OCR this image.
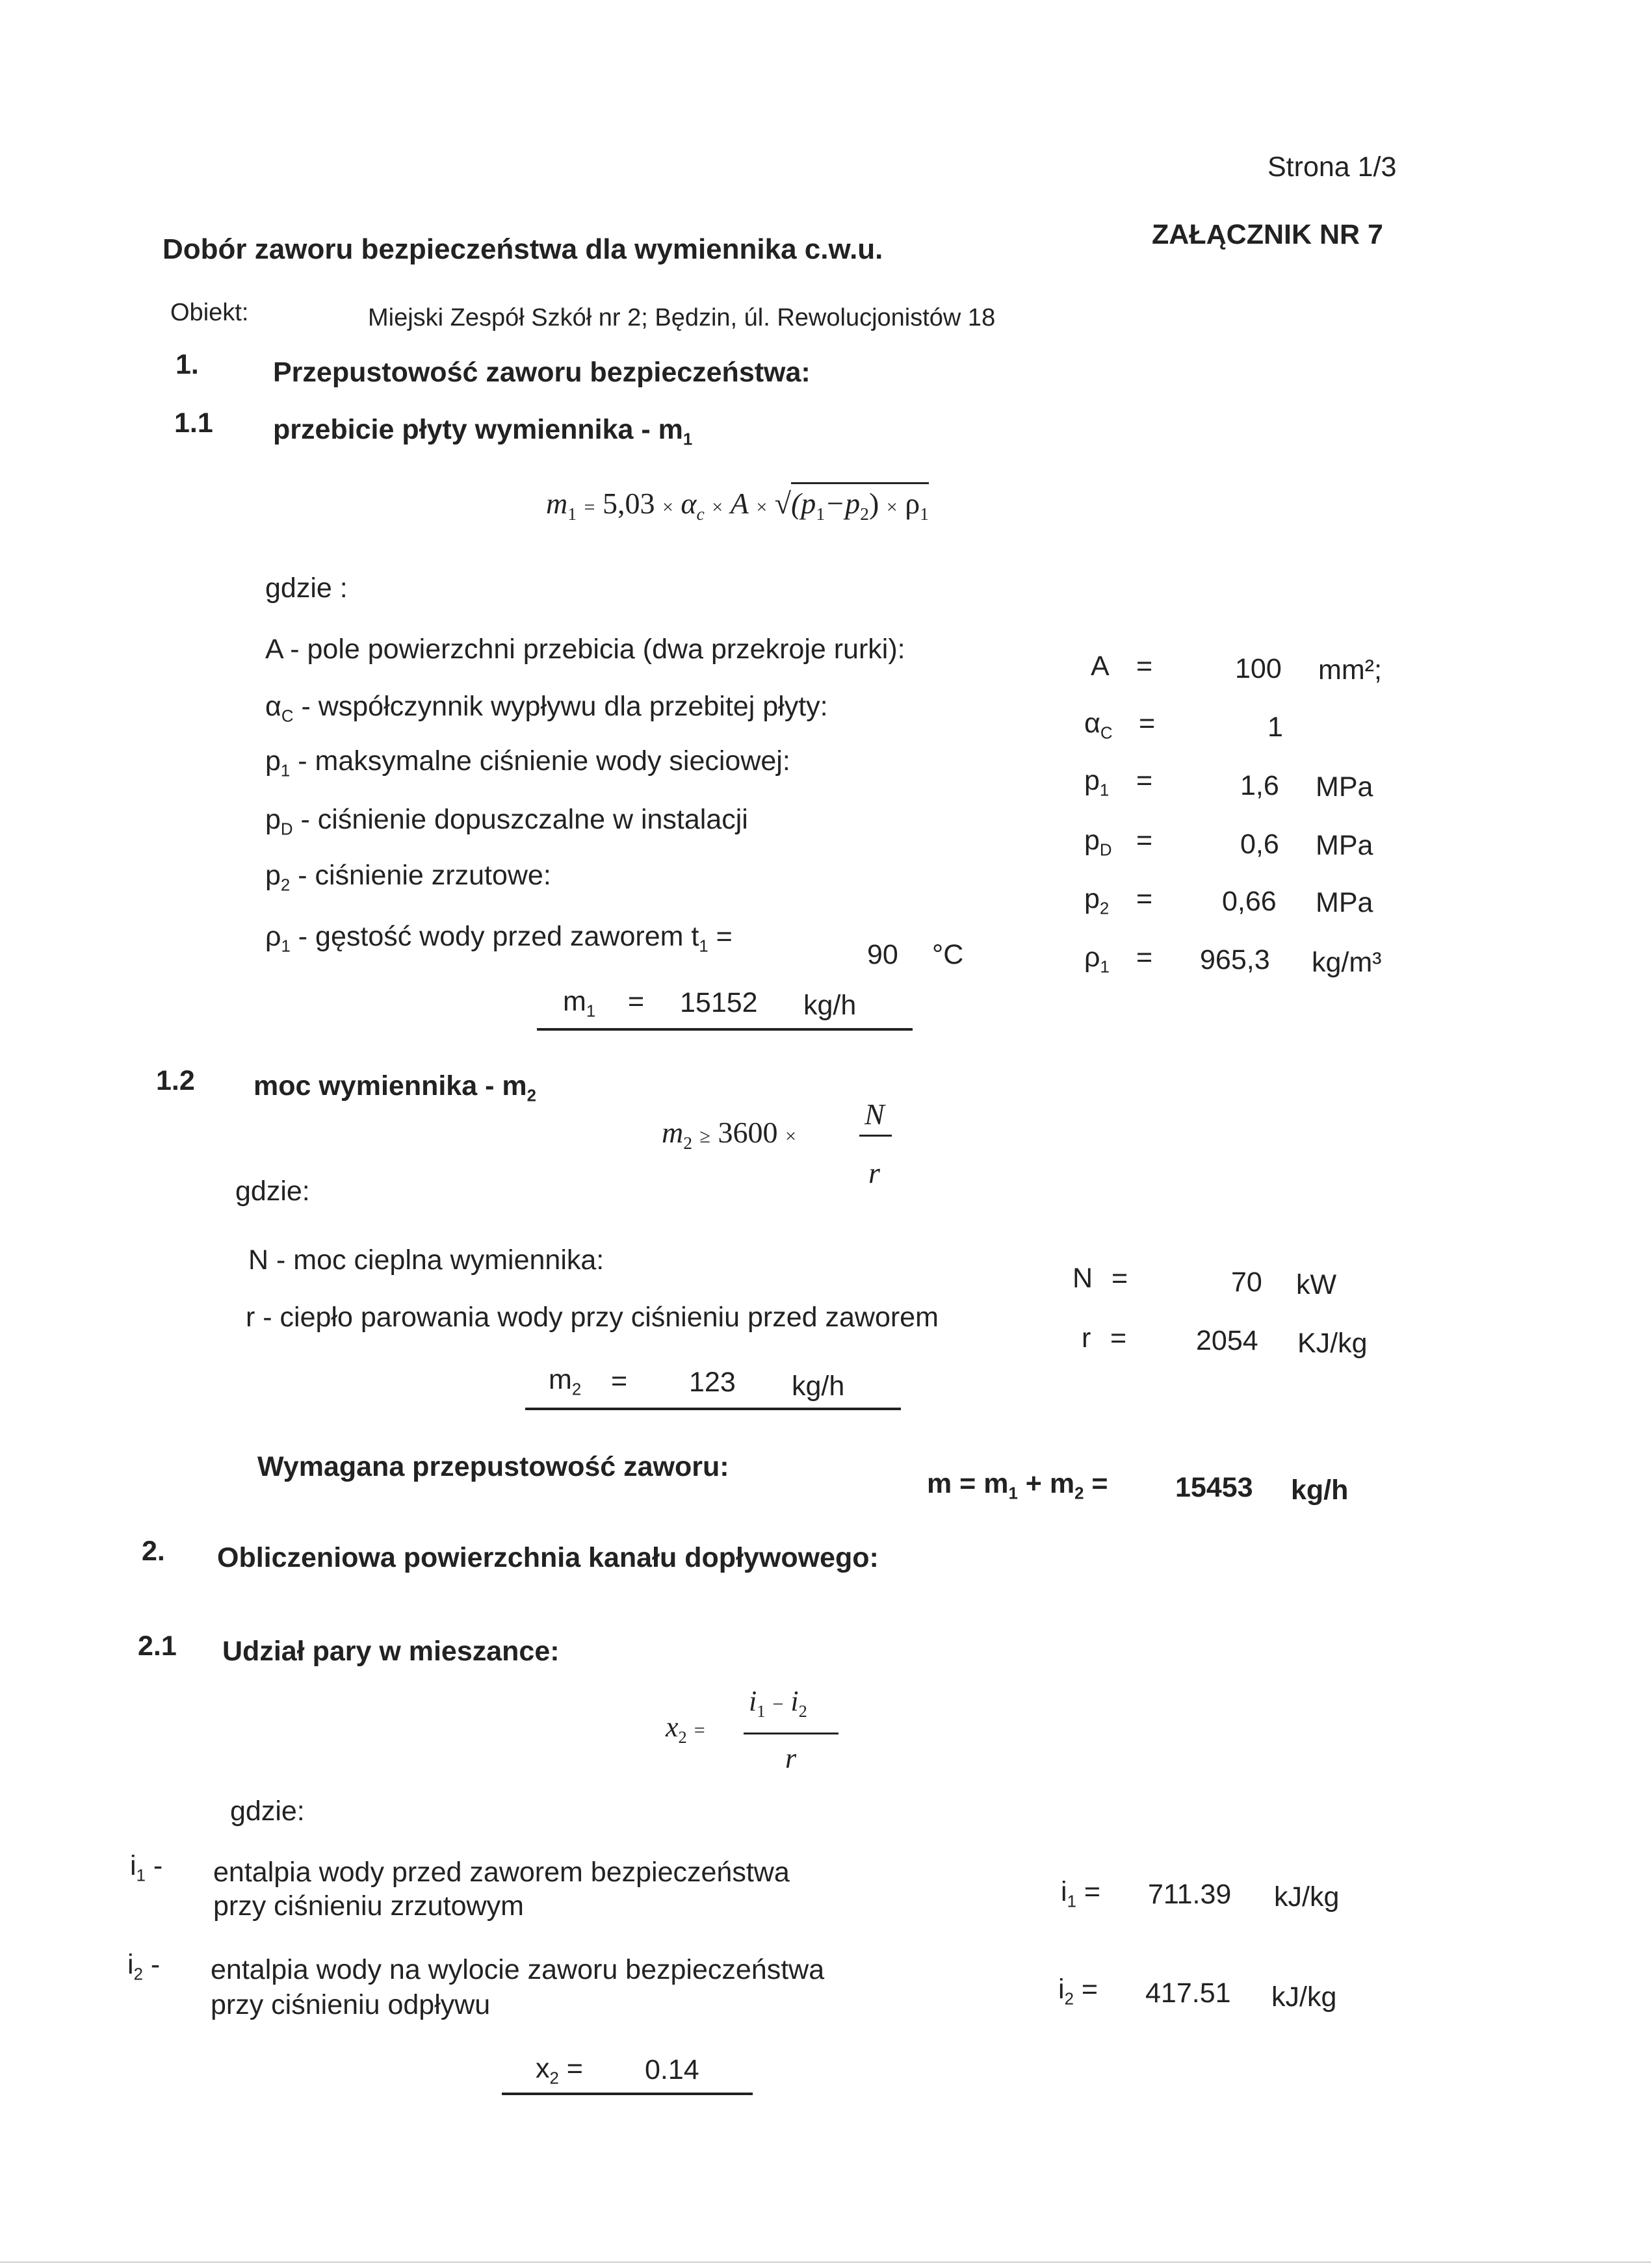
Strona 1/3
ZAŁĄCZNIK NR 7
Dobór zaworu bezpieczeństwa dla wymiennika c.w.u.
Obiekt:	Miejski Zespół Szkół nr 2; Będzin, úl. Rewolucjonistów 18
1.	Przepustowość zaworu bezpieczeństwa:
1.1 przebicie płyty wymiennika - $m_1$
$m_1 = 5,03 \times \alpha_c \times A \times √(p_1-p_2) \times \rho_1$
gdzie :
A - pole powierzchni przebicia (dwa przekroje rurki):
A =	100 mm²;
$\alpha_C$ - współczynnik wypływu dla przebitej płyty:
$\alpha_C$ =	1
$p_1$ - maksymalne ciśnienie wody sieciowej:
$p_1$ =	1,6 MPa
$p_D$ - ciśnienie dopuszczalne w instalacji
$p_D$ =	0,6 MPa
$p_2$ - ciśnienie zrzutowe:
$p_2 = 0,66$ MPa
$\rho_1$ - gęstość wody przed zaworem $t_1$ =
90 °C	$\rho_1 = 965,3$ kg/m³
$m_1 = 15152$ kg/h
1.2 moc wymiennika - $m_2$
$m_2 \ge 3600$ ×
N
r
gdzie:
N - moc cieplna wymiennika:
N =	70 kW
r - ciepło parowania wody przy ciśnieniu przed zaworem
r = 2054 KJ/kg
$m_2 = 123$ kg/h
Wymagana przepustowość zaworu:
$m = m_1 + m_2 = 15453$ kg/h
2. Obliczeniowa powierzchnia kanału dopływowego:
2.1 Udział pary w mieszance:
$x_2$ =
$i_1 - i_2$
r
gdzie:
$i_1$ - entalpia wody przed zaworem bezpieczeństwa
przy ciśnieniu zrzutowym	$i_1 = 711.39$ kJ/kg
$i_2$ - entalpia wody na wylocie zaworu bezpieczeństwa
przy ciśnieniu odpływu	$i_2 = 417.51$ kJ/kg
$x_2 = 0.14$
